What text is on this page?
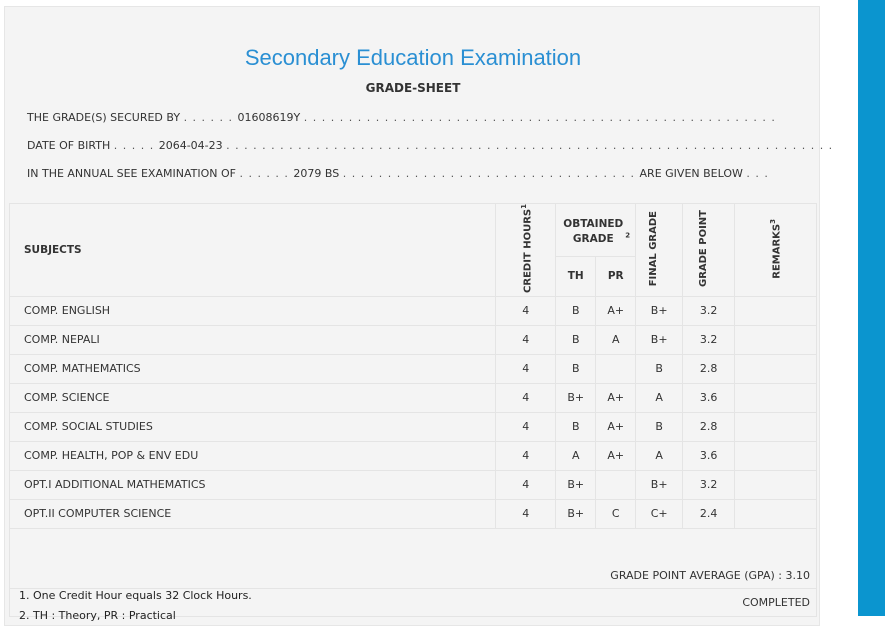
Secondary Education Examination
GRADE-SHEET
THE GRADE(S) SECURED BY . . . . . . 01608619Y . . . . . . . . . . . . . . . . . . . . . . . . . . . . . . . . . . . . . . . . . . . . . . . . . . . . .
DATE OF BIRTH . . . . . 2064-04-23 . . . . . . . . . . . . . . . . . . . . . . . . . . . . . . . . . . . . . . . . . . . . . . . . . . . . . . . . . . . . . . . . . . . .
IN THE ANNUAL SEE EXAMINATION OF . . . . . . 2079 BS . . . . . . . . . . . . . . . . . . . . . . . . . . . . . . . . . ARE GIVEN BELOW . . .
SUBJECTS	CREDIT HOURS$^1$	OBTAINED GRADE $^2$		FINAL GRADE	GRADE POINT	REMARKS$^3$
		TH	PR			
COMP. ENGLISH	4	B	A+	B+	3.2	
COMP. NEPALI	4	B	A	B+	3.2	
COMP. MATHEMATICS	4	B		B	2.8	
COMP. SCIENCE	4	B+	A+	A	3.6	
COMP. SOCIAL STUDIES	4	B	A+	B	2.8	
COMP. HEALTH, POP & ENV EDU	4	A	A+	A	3.6	
OPT.I ADDITIONAL MATHEMATICS	4	B+		B+	3.2	
OPT.II COMPUTER SCIENCE	4	B+	C	C+	2.4	
GRADE POINT AVERAGE (GPA) : 3.10						
COMPLETED						
1. One Credit Hour equals 32 Clock Hours.
2. TH : Theory, PR : Practical
